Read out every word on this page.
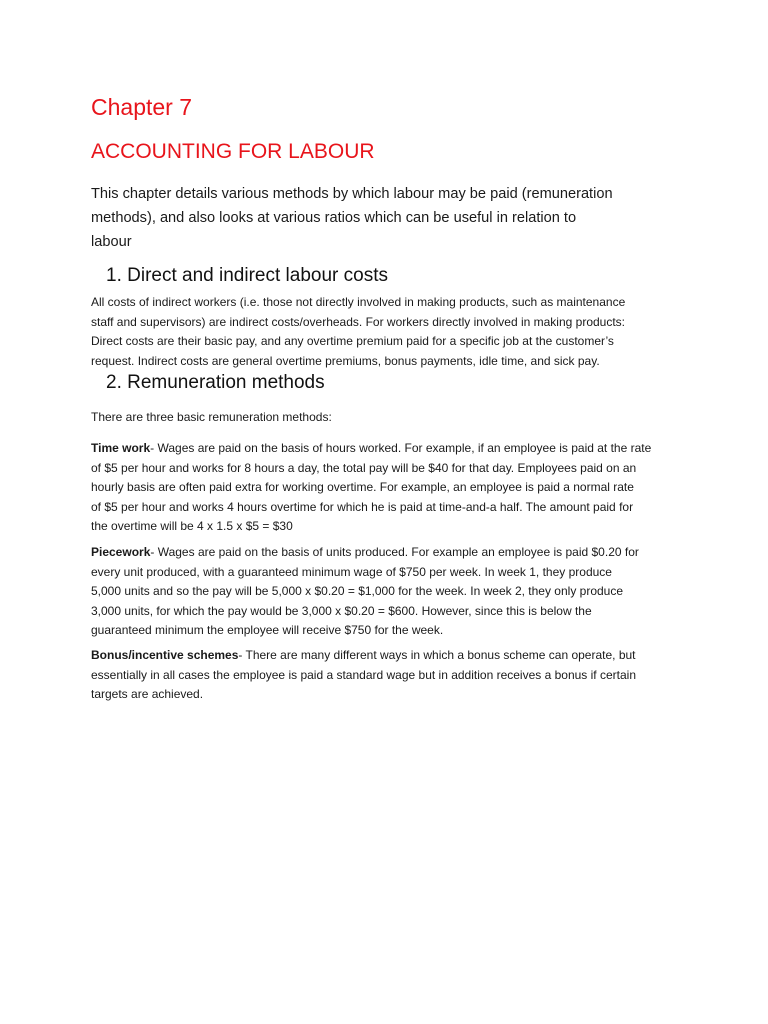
Chapter 7
ACCOUNTING FOR LABOUR
This chapter details various methods by which labour may be paid (remuneration
methods), and also looks at various ratios which can be useful in relation to
labour
1. Direct and indirect labour costs
All costs of indirect workers (i.e. those not directly involved in making products, such as maintenance
staff and supervisors) are indirect costs/overheads. For workers directly involved in making products:
Direct costs are their basic pay, and any overtime premium paid for a specific job at the customer’s
request. Indirect costs are general overtime premiums, bonus payments, idle time, and sick pay.
2. Remuneration methods
There are three basic remuneration methods:
Time work- Wages are paid on the basis of hours worked. For example, if an employee is paid at the rate
of $5 per hour and works for 8 hours a day, the total pay will be $40 for that day. Employees paid on an
hourly basis are often paid extra for working overtime. For example, an employee is paid a normal rate
of $5 per hour and works 4 hours overtime for which he is paid at time-and-a half. The amount paid for
the overtime will be 4 x 1.5 x $5 = $30
Piecework- Wages are paid on the basis of units produced. For example an employee is paid $0.20 for
every unit produced, with a guaranteed minimum wage of $750 per week. In week 1, they produce
5,000 units and so the pay will be 5,000 x $0.20 = $1,000 for the week. In week 2, they only produce
3,000 units, for which the pay would be 3,000 x $0.20 = $600. However, since this is below the
guaranteed minimum the employee will receive $750 for the week.
Bonus/incentive schemes- There are many different ways in which a bonus scheme can operate, but
essentially in all cases the employee is paid a standard wage but in addition receives a bonus if certain
targets are achieved.
